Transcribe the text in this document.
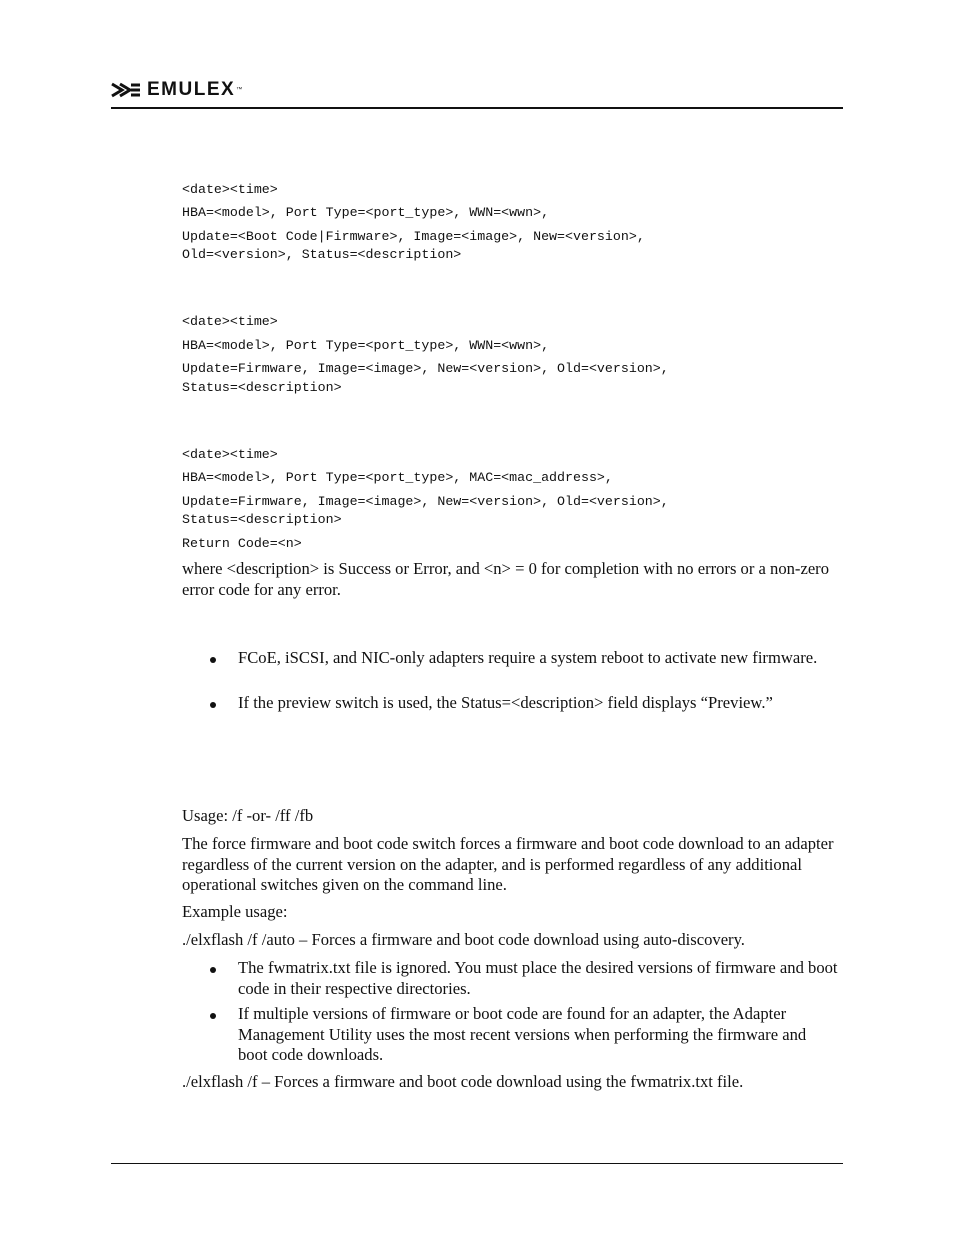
EMULEX ™
<date><time>
HBA=<model>, Port Type=<port_type>, WWN=<wwn>,
Update=<Boot Code|Firmware>, Image=<image>, New=<version>,
Old=<version>, Status=<description>
<date><time>
HBA=<model>, Port Type=<port_type>, WWN=<wwn>,
Update=Firmware, Image=<image>, New=<version>, Old=<version>,
Status=<description>
<date><time>
HBA=<model>, Port Type=<port_type>, MAC=<mac_address>,
Update=Firmware, Image=<image>, New=<version>, Old=<version>,
Status=<description>
Return Code=<n>
where <description> is Success or Error, and <n> = 0 for completion with no errors or a non-zero error code for any error.
FCoE, iSCSI, and NIC-only adapters require a system reboot to activate new firmware.
If the preview switch is used, the Status=<description> field displays “Preview.”
Usage: /f -or- /ff /fb
The force firmware and boot code switch forces a firmware and boot code download to an adapter regardless of the current version on the adapter, and is performed regardless of any additional operational switches given on the command line.
Example usage:
./elxflash /f /auto – Forces a firmware and boot code download using auto-discovery.
The fwmatrix.txt file is ignored. You must place the desired versions of firmware and boot code in their respective directories.
If multiple versions of firmware or boot code are found for an adapter, the Adapter Management Utility uses the most recent versions when performing the firmware and boot code downloads.
./elxflash /f – Forces a firmware and boot code download using the fwmatrix.txt file.
